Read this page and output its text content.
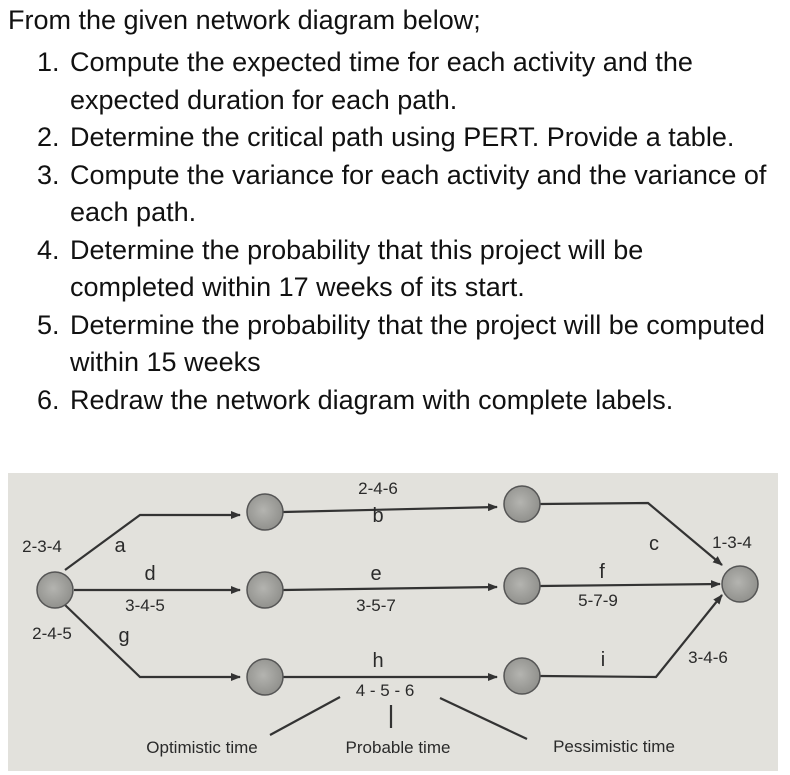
From the given network diagram below;
1. Compute the expected time for each activity and the expected duration for each path.
2. Determine the critical path using PERT. Provide a table.
3. Compute the variance for each activity and the variance of each path.
4. Determine the probability that this project will be completed within 17 weeks of its start.
5. Determine the probability that the project will be computed within 15 weeks
6. Redraw the network diagram with complete labels.
2-4-6
b
2-3-4	a	c	1-3-4
d	e	f
3-4-5	3-5-7	5-7-9
2-4-5 g
h	i	3-4-6
4 - 5 - 6
Optimistic time	Probable time	Pessimistic time
